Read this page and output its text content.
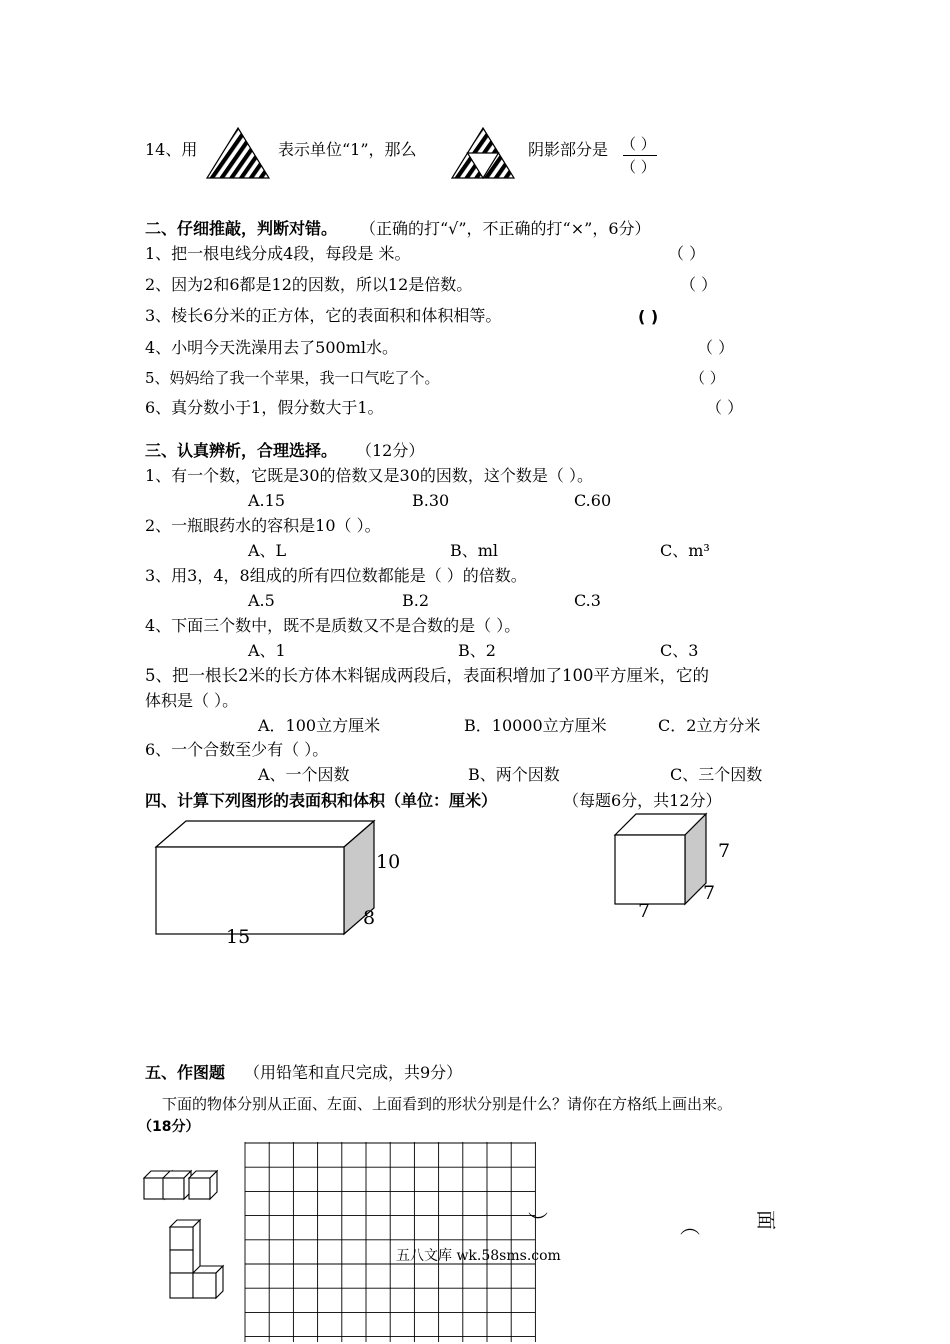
14、用	表示单位“1”，那么	阴影部分是 （ ）
（ ）
二、仔细推敲，判断对错。 （正确的打“√”，不正确的打“×”，6分）
1、把一根电线分成4段，每段是 米。	（ ）
2、因为2和6都是12的因数，所以12是倍数。	（ ）
3、棱长6分米的正方体，它的表面积和体积相等。	( )
4、小明今天洗澡用去了500ml水。	（ ）
5、妈妈给了我一个苹果，我一口气吃了个。	（ ）
6、真分数小于1，假分数大于1。	（ ）
三、认真辨析，合理选择。 （12分）
1、有一个数，它既是30的倍数又是30的因数，这个数是（ ）。
A.15	B.30	C.60
2、一瓶眼药水的容积是10（ ）。
A、L	B、ml	C、m³
3、用3，4，8组成的所有四位数都能是（ ）的倍数。
A.5	B.2	C.3
4、下面三个数中，既不是质数又不是合数的是（ ）。
A、1	B、2	C、3
5、把一根长2米的长方体木料锯成两段后，表面积增加了100平方厘米，它的
体积是（ ）。
A．100立方厘米	B．10000立方厘米	C．2立方分米
6、一个合数至少有（ ）。
A、一个因数	B、两个因数	C、三个因数
四、计算下列图形的表面积和体积（单位：厘米）	（每题6分，共12分）
10
8
15
7
7
7
五、作图题 （用铅笔和直尺完成，共9分）
下面的物体分别从正面、左面、上面看到的形状分别是什么？请你在方格纸上画出来。
（18分）
︶	︵	面
五八文库 wk.58sms.com
